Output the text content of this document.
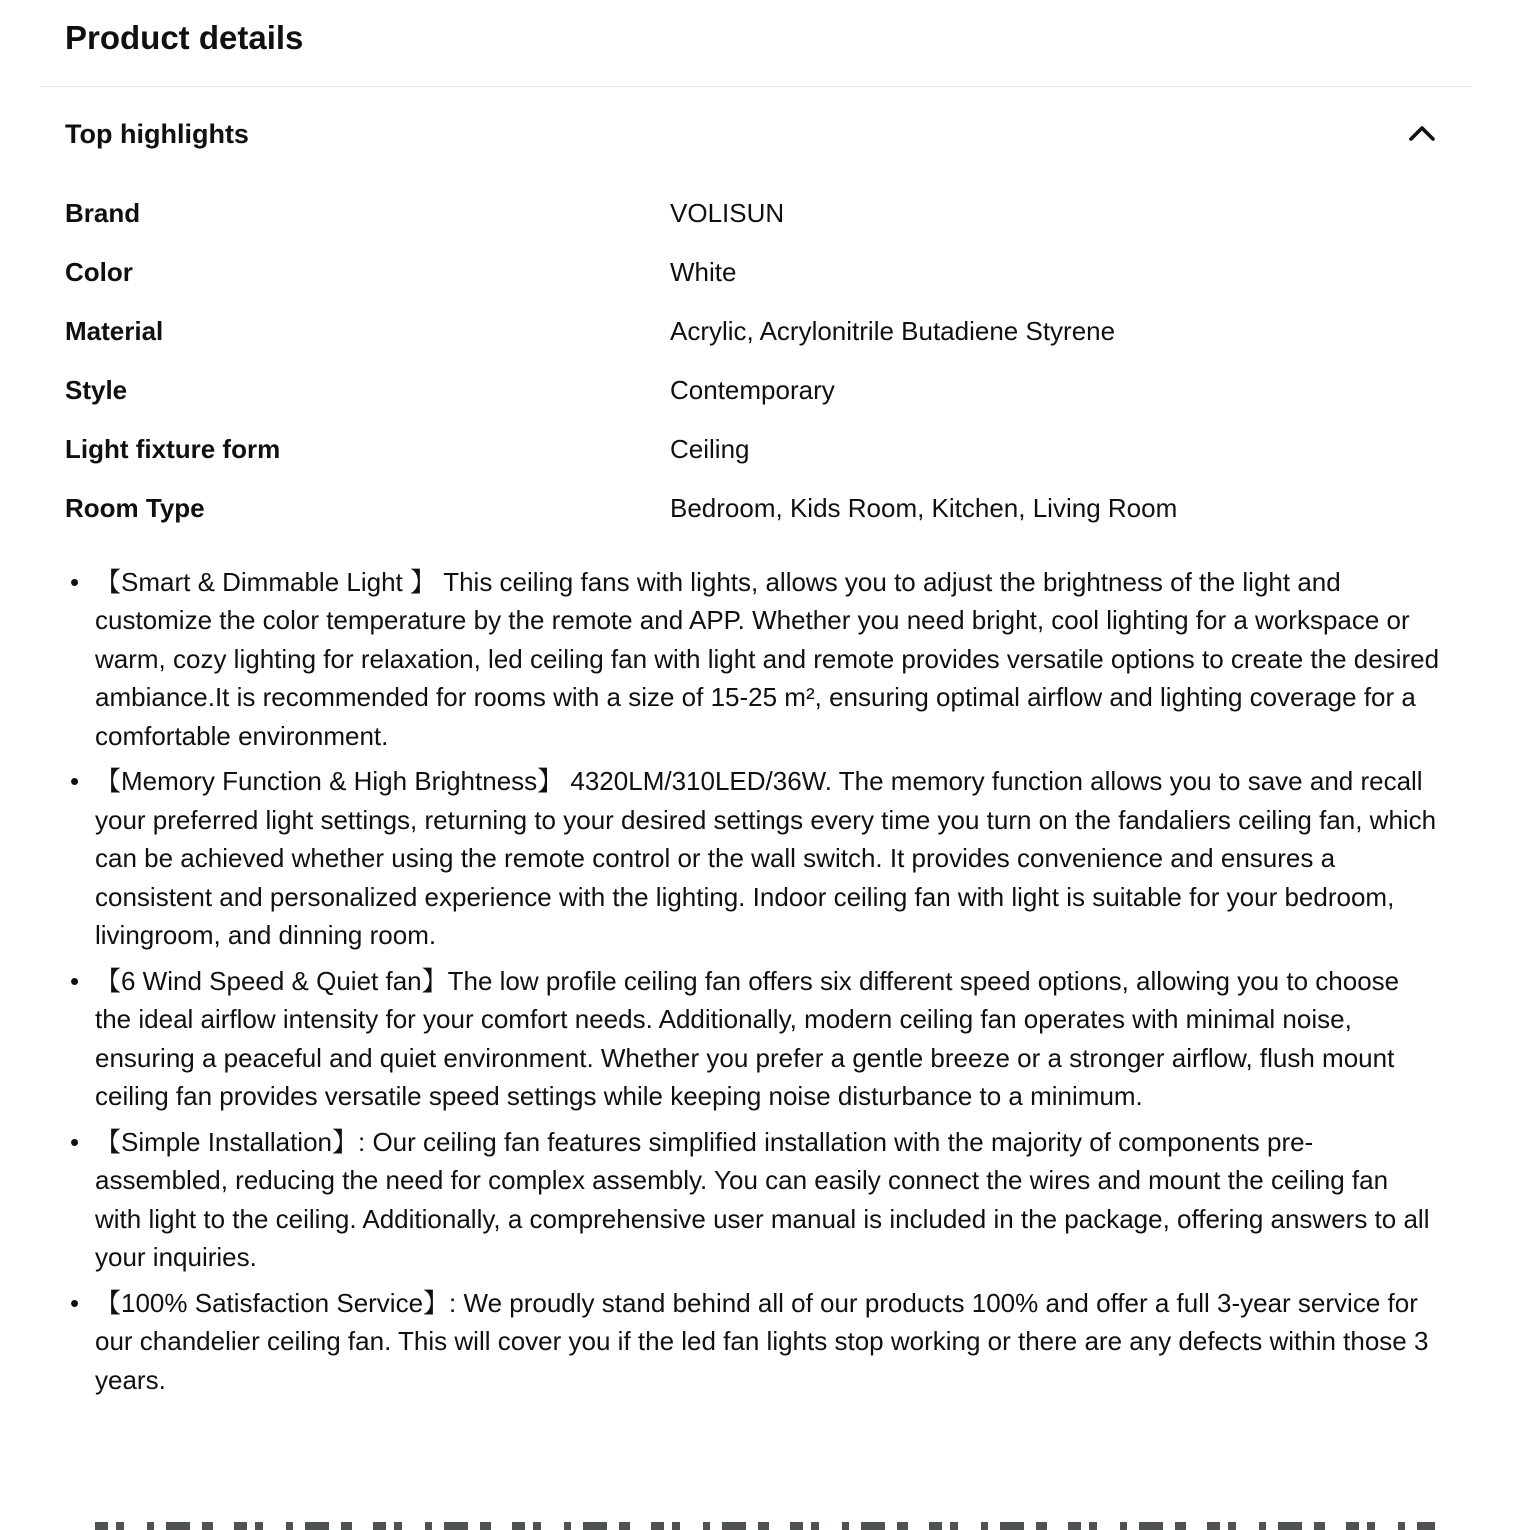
Product details
Top highlights
Brand	VOLISUN
Color	White
Material	Acrylic, Acrylonitrile Butadiene Styrene
Style	Contemporary
Light fixture form	Ceiling
Room Type	Bedroom, Kids Room, Kitchen, Living Room
• 【Smart & Dimmable Light 】 This ceiling fans with lights, allows you to adjust the brightness of the light and customize the color temperature by the remote and APP. Whether you need bright, cool lighting for a workspace or warm, cozy lighting for relaxation, led ceiling fan with light and remote provides versatile options to create the desired ambiance.It is recommended for rooms with a size of 15-25 m², ensuring optimal airflow and lighting coverage for a comfortable environment.
• 【Memory Function & High Brightness】 4320LM/310LED/36W. The memory function allows you to save and recall your preferred light settings, returning to your desired settings every time you turn on the fandaliers ceiling fan, which can be achieved whether using the remote control or the wall switch. It provides convenience and ensures a consistent and personalized experience with the lighting. Indoor ceiling fan with light is suitable for your bedroom, livingroom, and dinning room.
• 【6 Wind Speed & Quiet fan】The low profile ceiling fan offers six different speed options, allowing you to choose the ideal airflow intensity for your comfort needs. Additionally, modern ceiling fan operates with minimal noise, ensuring a peaceful and quiet environment. Whether you prefer a gentle breeze or a stronger airflow, flush mount ceiling fan provides versatile speed settings while keeping noise disturbance to a minimum.
• 【Simple Installation】: Our ceiling fan features simplified installation with the majority of components pre-assembled, reducing the need for complex assembly. You can easily connect the wires and mount the ceiling fan with light to the ceiling. Additionally, a comprehensive user manual is included in the package, offering answers to all your inquiries.
• 【100% Satisfaction Service】: We proudly stand behind all of our products 100% and offer a full 3-year service for our chandelier ceiling fan. This will cover you if the led fan lights stop working or there are any defects within those 3 years.
